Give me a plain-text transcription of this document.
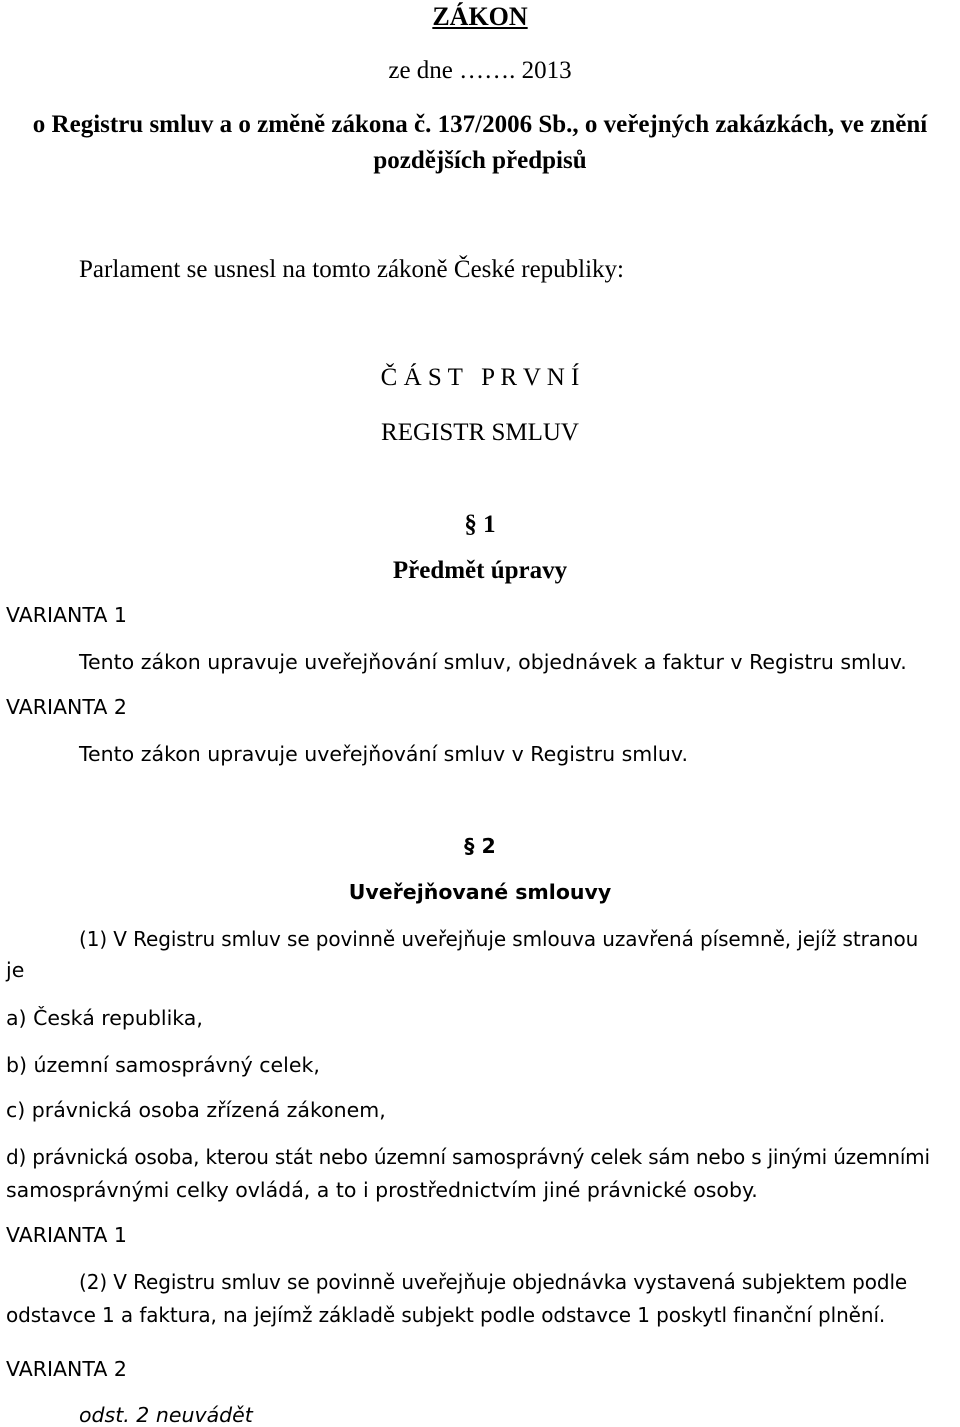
ZÁKON
ze dne ……. 2013
o Registru smluv a o změně zákona č. 137/2006 Sb., o veřejných zakázkách, ve znění
pozdějších předpisů
Parlament se usnesl na tomto zákoně České republiky:
Č Á S T   P R V N Í
REGISTR SMLUV
§ 1
Předmět úpravy
VARIANTA 1
Tento zákon upravuje uveřejňování smluv, objednávek a faktur v Registru smluv.
VARIANTA 2
Tento zákon upravuje uveřejňování smluv v Registru smluv.
§ 2
Uveřejňované smlouvy
(1) V Registru smluv se povinně uveřejňuje smlouva uzavřená písemně, jejíž stranou
je
a) Česká republika,
b) územní samosprávný celek,
c) právnická osoba zřízená zákonem,
d) právnická osoba, kterou stát nebo územní samosprávný celek sám nebo s jinými územními
samosprávnými celky ovládá, a to i prostřednictvím jiné právnické osoby.
VARIANTA 1
(2) V Registru smluv se povinně uveřejňuje objednávka vystavená subjektem podle
odstavce 1 a faktura, na jejímž základě subjekt podle odstavce 1 poskytl finanční plnění.
VARIANTA 2
odst. 2 neuvádět
